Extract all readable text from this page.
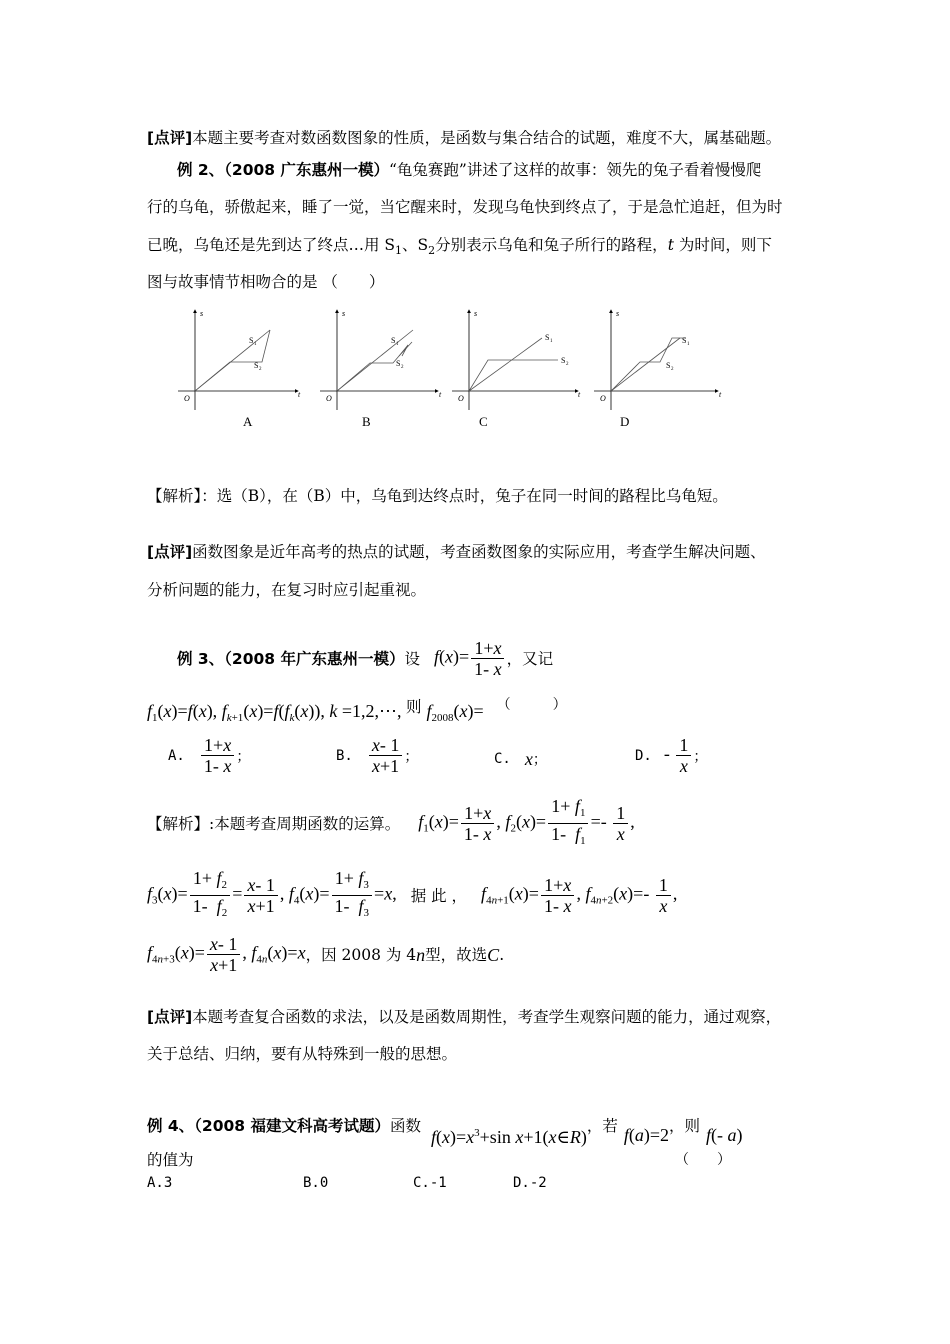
[点评]本题主要考查对数函数图象的性质，是函数与集合结合的试题，难度不大，属基础题。
例 2、（2008 广东惠州一模）“龟兔赛跑”讲述了这样的故事：领先的兔子看着慢慢爬
行的乌龟，骄傲起来，睡了一觉，当它醒来时，发现乌龟快到终点了，于是急忙追赶，但为时
已晚，乌龟还是先到达了终点…用 $S_1$、$S_2$分别表示乌龟和兔子所行的路程，t 为时间，则下
图与故事情节相吻合的是 （　　）
s
t
O
S 1
S 2
s
t
O
S 1
S 2
s
t
O
S 1
S 2
s
t
O
S 1
S 2
A	B	C	D
【解析】：选（B），在（B）中，乌龟到达终点时，兔子在同一时间的路程比乌龟短。
[点评]函数图象是近年高考的热点的试题，考查函数图象的实际应用，考查学生解决问题、
分析问题的能力，在复习时应引起重视。
例 3、（2008 年广东惠州一模） 设 $f(x)= \frac{1+x}{1- x}$ ，又记
$f_1(x)=f(x)$, $f_{k+1}(x)=f(f_k(x))$, k =1,2,⋯, 则 $f_{2008}(x)=$ （　　　）
A. $\frac{1+x}{1- x}$ ；	B. $\frac{x- 1}{x+1}$ ；	C. x ；	D. - $\frac{1}{x}$ ；
【解析】 :本题考查周期函数的运算。 $f_1(x)= \frac{1+x}{1- x}$ , $f_2(x)= \frac{1+ f_1}{1- f_1} =- \frac{1}{x}$ ,
$f_3(x)= \frac{1+ f_2}{1- f_2} = \frac{x- 1}{x+1}$ , $f_4(x)= \frac{1+ f_3}{1- f_3} =x$, 据 此 ， $f_{4n+1}(x)= \frac{1+x}{1- x}$ , $f_{4n+2}(x)=- \frac{1}{x}$ ,
$f_{4n+3}(x)= \frac{x- 1}{x+1}$ , $f_{4n}(x)=x$ ，因 2008 为 4 n 型，故选 C .
[点评]本题考查复合函数的求法，以及是函数周期性，考查学生观察问题的能力，通过观察，
关于总结、归纳，要有从特殊到一般的思想。
例 4、（2008 福建文科高考试题） 函数
$f(x)=x^3+\sin$ x+1(x∈R)
，若 f(a)=2 ，则 f(- a)
的值为	（　　）
A.3	B.0	C.-1	D.-2
